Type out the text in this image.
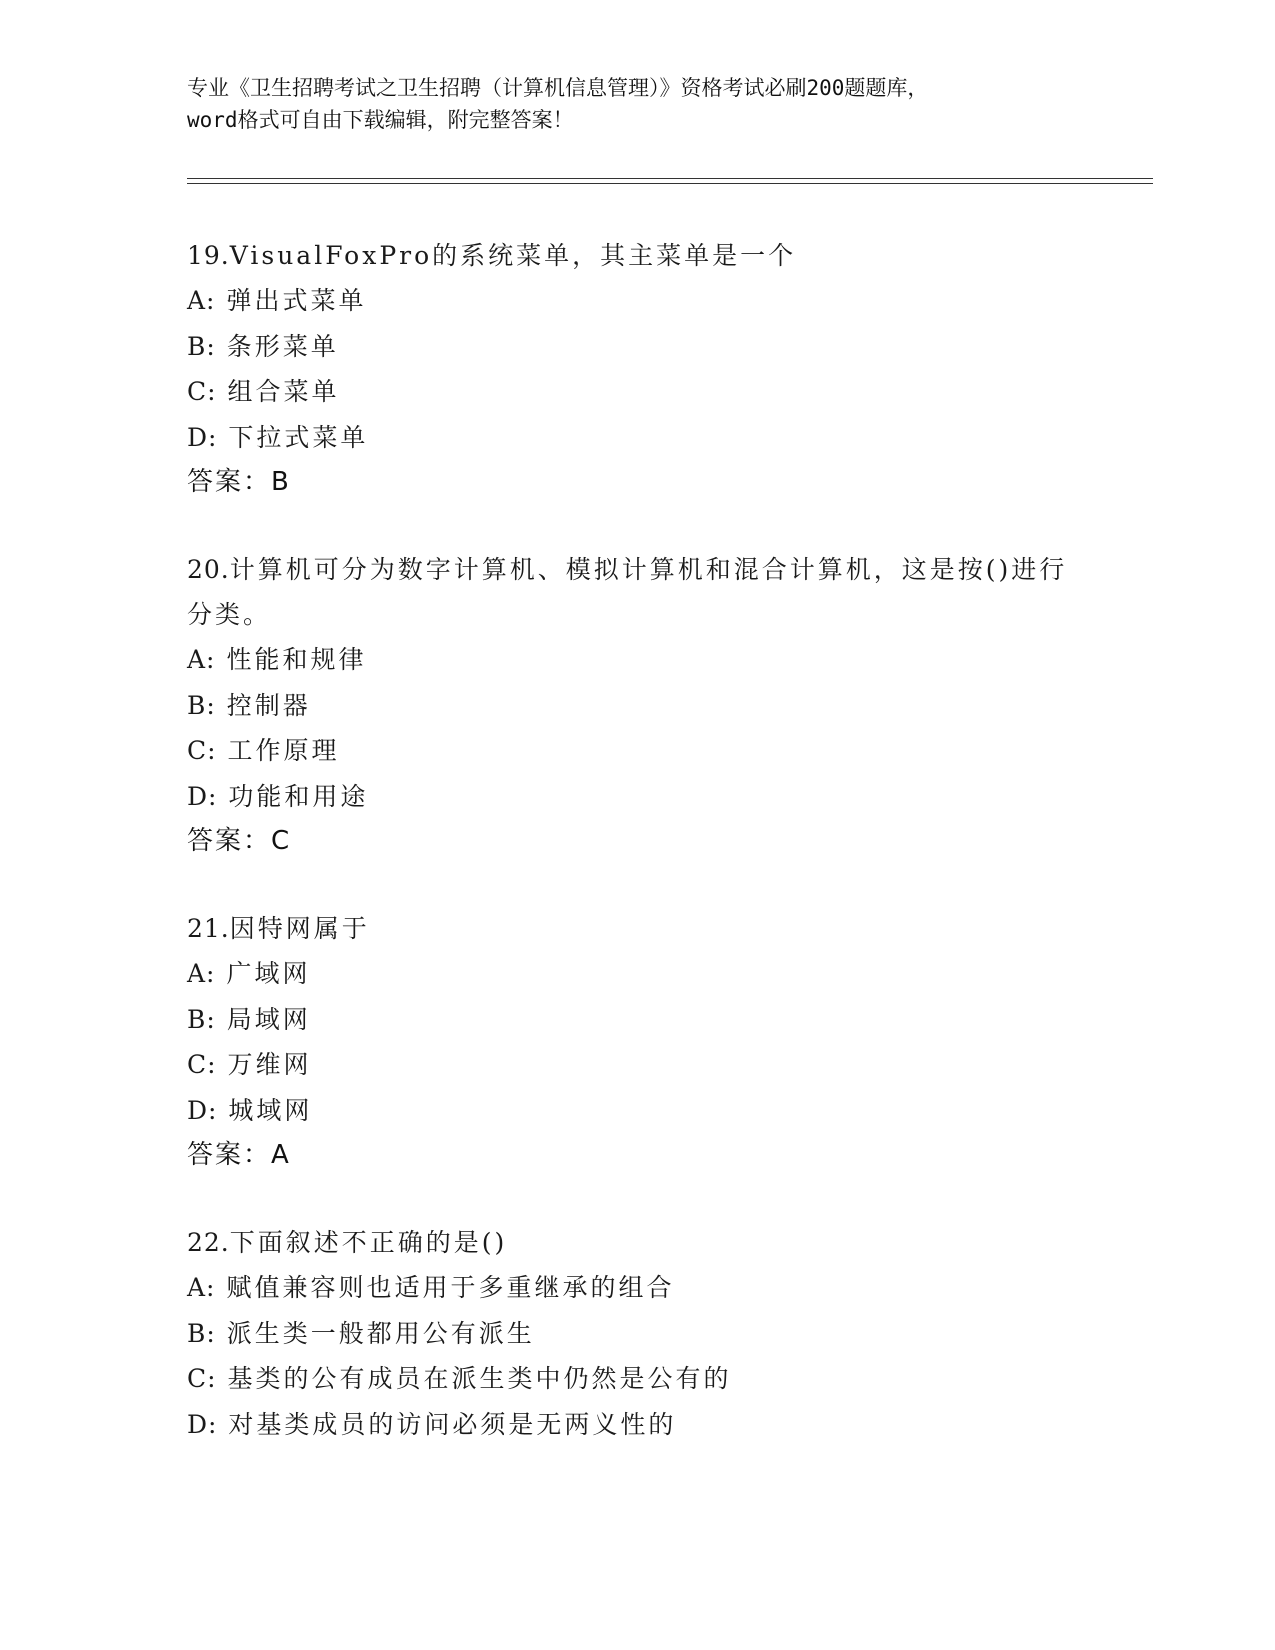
专业《卫生招聘考试之卫生招聘（计算机信息管理）》资格考试必刷200题题库，
word格式可自由下载编辑，附完整答案！

19.VisualFoxPro的系统菜单，其主菜单是一个

A: 弹出式菜单

B: 条形菜单

C: 组合菜单

D: 下拉式菜单

答案：B

20.计算机可分为数字计算机、模拟计算机和混合计算机，这是按()进行分类。

A: 性能和规律

B: 控制器

C: 工作原理

D: 功能和用途

答案：C

21.因特网属于

A: 广域网

B: 局域网

C: 万维网

D: 城域网

答案：A

22.下面叙述不正确的是()

A: 赋值兼容则也适用于多重继承的组合

B: 派生类一般都用公有派生

C: 基类的公有成员在派生类中仍然是公有的

D: 对基类成员的访问必须是无两义性的
